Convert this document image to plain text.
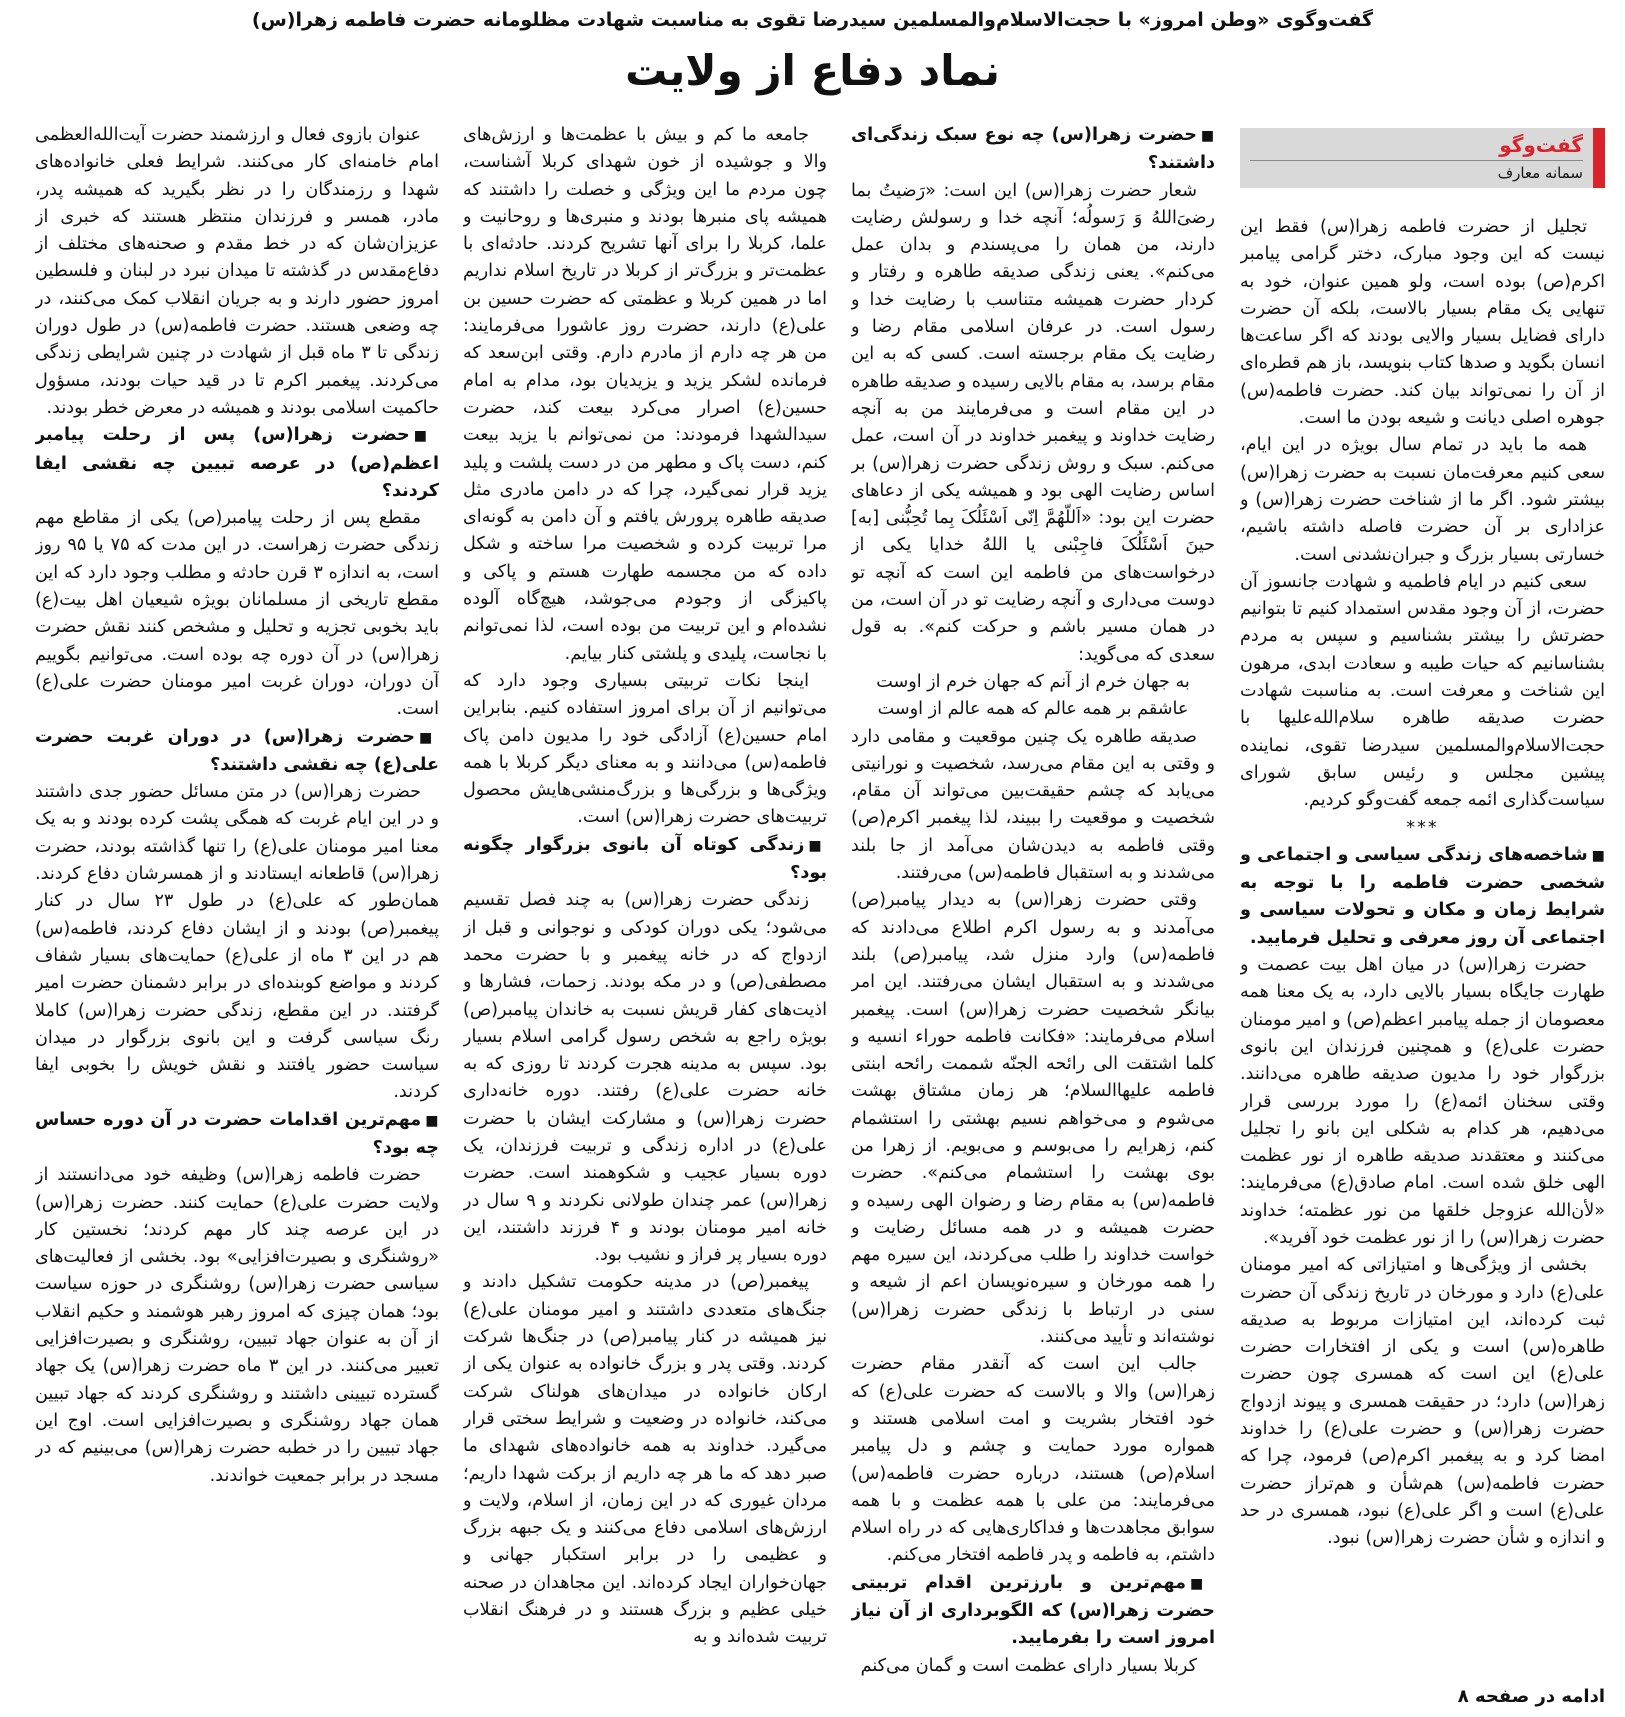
گفت‌وگوی «وطن امروز» با حجت‌الاسلام‌والمسلمین سیدرضا تقوی به مناسبت شهادت مظلومانه حضرت فاطمه زهرا(س)
نماد دفاع از ولایت
گفت‌وگو
سمانه معارف

تجلیل از حضرت فاطمه زهرا(س) فقط این نیست که این وجود مبارک، دختر گرامی پیامبر اکرم(ص) بوده است، ولو همین عنوان، خود به تنهایی یک مقام بسیار بالاست، بلکه آن حضرت دارای فضایل بسیار والایی بودند که اگر ساعت‌ها انسان بگوید و صدها کتاب بنویسد، باز هم قطره‌ای از آن را نمی‌تواند بیان کند. حضرت فاطمه(س) جوهره اصلی دیانت و شیعه بودن ما است.

همه ما باید در تمام سال بویژه در این ایام، سعی کنیم معرفت‌مان نسبت به حضرت زهرا(س) بیشتر شود. اگر ما از شناخت حضرت زهرا(س) و عزاداری بر آن حضرت فاصله داشته باشیم، خسارتی بسیار بزرگ و جبران‌نشدنی است.

سعی کنیم در ایام فاطمیه و شهادت جانسوز آن حضرت، از آن وجود مقدس استمداد کنیم تا بتوانیم حضرتش را بیشتر بشناسیم و سپس به مردم بشناسانیم که حیات طیبه و سعادت ابدی، مرهون این شناخت و معرفت است. به مناسبت شهادت حضرت صدیقه طاهره سلام‌الله‌علیها با حجت‌الاسلام‌والمسلمین سیدرضا تقوی، نماینده پیشین مجلس و رئیس سابق شورای سیاست‌گذاری ائمه جمعه گفت‌وگو کردیم.

***

■شاخصه‌های زندگی سیاسی و اجتماعی و شخصی حضرت فاطمه را با توجه به شرایط زمان و مکان و تحولات سیاسی و اجتماعی آن روز معرفی و تحلیل فرمایید.

حضرت زهرا(س) در میان اهل بیت عصمت و طهارت جایگاه بسیار بالایی دارد، به یک معنا همه معصومان از جمله پیامبر اعظم(ص) و امیر مومنان حضرت علی(ع) و همچنین فرزندان این بانوی بزرگوار خود را مدیون صدیقه طاهره می‌دانند. وقتی سخنان ائمه(ع) را مورد بررسی قرار می‌دهیم، هر کدام به شکلی این بانو را تجلیل می‌کنند و معتقدند صدیقه طاهره از نور عظمت الهی خلق شده است. امام صادق(ع) می‌فرمایند: «لأن‌الله عزوجل خلقها من نور عظمته؛ خداوند حضرت زهرا(س) را از نور عظمت خود آفرید».

بخشی از ویژگی‌ها و امتیازاتی که امیر مومنان علی(ع) دارد و مورخان در تاریخ زندگی آن حضرت ثبت کرده‌اند، این امتیازات مربوط به صدیقه طاهره(س) است و یکی از افتخارات حضرت علی(ع) این است که همسری چون حضرت زهرا(س) دارد؛ در حقیقت همسری و پیوند ازدواج حضرت زهرا(س) و حضرت علی(ع) را خداوند امضا کرد و به پیغمبر اکرم(ص) فرمود، چرا که حضرت فاطمه(س) هم‌شأن و هم‌تراز حضرت علی(ع) است و اگر علی(ع) نبود، همسری در حد و اندازه و شأن حضرت زهرا(س) نبود.

■حضرت زهرا(س) چه نوع سبک زندگی‌ای داشتند؟

شعار حضرت زهرا(س) این است: «رَضیتُ بما رضیَ‌اللهُ وَ رَسولُه؛ آنچه خدا و رسولش رضایت دارند، من همان را می‌پسندم و بدان عمل می‌کنم». یعنی زندگی صدیقه طاهره و رفتار و کردار حضرت همیشه متناسب با رضایت خدا و رسول است. در عرفان اسلامی مقام رضا و رضایت یک مقام برجسته است. کسی که به این مقام برسد، به مقام بالایی رسیده و صدیقه طاهره در این مقام است و می‌فرمایند من به آنچه رضایت خداوند و پیغمبر خداوند در آن است، عمل می‌کنم. سبک و روش زندگی حضرت زهرا(س) بر اساس رضایت الهی بود و همیشه یکی از دعاهای حضرت این بود: «اَللّهُمَّ اِنّی اَسْئَلُکَ بِما تُحِبُّنی [به] حینَ اَسْئَلُکَ فاجِبْنی یا اللهُ خدایا یکی از درخواست‌های من فاطمه این است که آنچه تو دوست می‌داری و آنچه رضایت تو در آن است، من در همان مسیر باشم و حرکت کنم». به قول سعدی که می‌گوید:

به جهان خرم از آنم که جهان خرم از اوست

عاشقم بر همه عالم که همه عالم از اوست

صدیقه طاهره یک چنین موقعیت و مقامی دارد و وقتی به این مقام می‌رسد، شخصیت و نورانیتی می‌یابد که چشم حقیقت‌بین می‌تواند آن مقام، شخصیت و موقعیت را ببیند، لذا پیغمبر اکرم(ص) وقتی فاطمه به دیدن‌شان می‌آمد از جا بلند می‌شدند و به استقبال فاطمه(س) می‌رفتند.

وقتی حضرت زهرا(س) به دیدار پیامبر(ص) می‌آمدند و به رسول اکرم اطلاع می‌دادند که فاطمه(س) وارد منزل شد، پیامبر(ص) بلند می‌شدند و به استقبال ایشان می‌رفتند. این امر بیانگر شخصیت حضرت زهرا(س) است. پیغمبر اسلام می‌فرمایند: «فکانت فاطمه حوراء انسیه و کلما اشتقت الی رائحه الجنّه شممت رائحه ابنتی فاطمه علیهاالسلام؛ هر زمان مشتاق بهشت می‌شوم و می‌خواهم نسیم بهشتی را استشمام کنم، زهرایم را می‌بوسم و می‌بویم. از زهرا من بوی بهشت را استشمام می‌کنم». حضرت فاطمه(س) به مقام رضا و رضوان الهی رسیده و حضرت همیشه و در همه مسائل رضایت و خواست خداوند را طلب می‌کردند، این سیره مهم را همه مورخان و سیره‌نویسان اعم از شیعه و سنی در ارتباط با زندگی حضرت زهرا(س) نوشته‌اند و تأیید می‌کنند.

جالب این است که آنقدر مقام حضرت زهرا(س) والا و بالاست که حضرت علی(ع) که خود افتخار بشریت و امت اسلامی هستند و همواره مورد حمایت و چشم و دل پیامبر اسلام(ص) هستند، درباره حضرت فاطمه(س) می‌فرمایند: من علی با همه عظمت و با همه سوابق مجاهدت‌ها و فداکاری‌هایی که در راه اسلام داشتم، به فاطمه و پدر فاطمه افتخار می‌کنم.

■مهم‌ترین و بارزترین اقدام تربیتی حضرت زهرا(س) که الگوبرداری از آن نیاز امروز است را بفرمایید.

کربلا بسیار دارای عظمت است و گمان می‌کنم

جامعه ما کم و بیش با عظمت‌ها و ارزش‌های والا و جوشیده از خون شهدای کربلا آشناست، چون مردم ما این ویژگی و خصلت را داشتند که همیشه پای منبرها بودند و منبری‌ها و روحانیت و علما، کربلا را برای آنها تشریح کردند. حادثه‌ای با عظمت‌تر و بزرگ‌تر از کربلا در تاریخ اسلام نداریم اما در همین کربلا و عظمتی که حضرت حسین بن علی(ع) دارند، حضرت روز عاشورا می‌فرمایند: من هر چه دارم از مادرم دارم. وقتی ابن‌سعد که فرمانده لشکر یزید و یزیدیان بود، مدام به امام حسین(ع) اصرار می‌کرد بیعت کند، حضرت سیدالشهدا فرمودند: من نمی‌توانم با یزید بیعت کنم، دست پاک و مطهر من در دست پلشت و پلید یزید قرار نمی‌گیرد، چرا که در دامن مادری مثل صدیقه طاهره پرورش یافتم و آن دامن به گونه‌ای مرا تربیت کرده و شخصیت مرا ساخته و شکل داده که من مجسمه طهارت هستم و پاکی و پاکیزگی از وجودم می‌جوشد، هیچ‌گاه آلوده نشده‌ام و این تربیت من بوده است، لذا نمی‌توانم با نجاست، پلیدی و پلشتی کنار بیایم.

اینجا نکات تربیتی بسیاری وجود دارد که می‌توانیم از آن برای امروز استفاده کنیم. بنابراین امام حسین(ع) آزادگی خود را مدیون دامن پاک فاطمه(س) می‌دانند و به معنای دیگر کربلا با همه ویژگی‌ها و بزرگی‌ها و بزرگ‌منشی‌هایش محصول تربیت‌های حضرت زهرا(س) است.

■زندگی کوتاه آن بانوی بزرگوار چگونه بود؟

زندگی حضرت زهرا(س) به چند فصل تقسیم می‌شود؛ یکی دوران کودکی و نوجوانی و قبل از ازدواج که در خانه پیغمبر و با حضرت محمد مصطفی(ص) و در مکه بودند. زحمات، فشارها و اذیت‌های کفار قریش نسبت به خاندان پیامبر(ص) بویژه راجع به شخص رسول گرامی اسلام بسیار بود. سپس به مدینه هجرت کردند تا روزی که به خانه حضرت علی(ع) رفتند. دوره خانه‌داری حضرت زهرا(س) و مشارکت ایشان با حضرت علی(ع) در اداره زندگی و تربیت فرزندان، یک دوره بسیار عجیب و شکوهمند است. حضرت زهرا(س) عمر چندان طولانی نکردند و ۹ سال در خانه امیر مومنان بودند و ۴ فرزند داشتند، این دوره بسیار پر فراز و نشیب بود.

پیغمبر(ص) در مدینه حکومت تشکیل دادند و جنگ‌های متعددی داشتند و امیر مومنان علی(ع) نیز همیشه در کنار پیامبر(ص) در جنگ‌ها شرکت کردند. وقتی پدر و بزرگ خانواده به عنوان یکی از ارکان خانواده در میدان‌های هولناک شرکت می‌کند، خانواده در وضعیت و شرایط سختی قرار می‌گیرد. خداوند به همه خانواده‌های شهدای ما صبر دهد که ما هر چه داریم از برکت شهدا داریم؛ مردان غیوری که در این زمان، از اسلام، ولایت و ارزش‌های اسلامی دفاع می‌کنند و یک جبهه بزرگ و عظیمی را در برابر استکبار جهانی و جهان‌خواران ایجاد کرده‌اند. این مجاهدان در صحنه خیلی عظیم و بزرگ هستند و در فرهنگ انقلاب تربیت شده‌اند و به

عنوان بازوی فعال و ارزشمند حضرت آیت‌الله‌العظمی امام خامنه‌ای کار می‌کنند. شرایط فعلی خانواده‌های شهدا و رزمندگان را در نظر بگیرید که همیشه پدر، مادر، همسر و فرزندان منتظر هستند که خبری از عزیزان‌شان که در خط مقدم و صحنه‌های مختلف از دفاع‌مقدس در گذشته تا میدان نبرد در لبنان و فلسطین امروز حضور دارند و به جریان انقلاب کمک می‌کنند، در چه وضعی هستند. حضرت فاطمه(س) در طول دوران زندگی تا ۳ ماه قبل از شهادت در چنین شرایطی زندگی می‌کردند. پیغمبر اکرم تا در قید حیات بودند، مسؤول حاکمیت اسلامی بودند و همیشه در معرض خطر بودند.

■حضرت زهرا(س) پس از رحلت پیامبر اعظم(ص) در عرصه تبیین چه نقشی ایفا کردند؟

مقطع پس از رحلت پیامبر(ص) یکی از مقاطع مهم زندگی حضرت زهراست. در این مدت که ۷۵ یا ۹۵ روز است، به اندازه ۳ قرن حادثه و مطلب وجود دارد که این مقطع تاریخی از مسلمانان بویژه شیعیان اهل بیت(ع) باید بخوبی تجزیه و تحلیل و مشخص کنند نقش حضرت زهرا(س) در آن دوره چه بوده است. می‌توانیم بگوییم آن دوران، دوران غربت امیر مومنان حضرت علی(ع) است.

■حضرت زهرا(س) در دوران غربت حضرت علی(ع) چه نقشی داشتند؟

حضرت زهرا(س) در متن مسائل حضور جدی داشتند و در این ایام غربت که همگی پشت کرده بودند و به یک معنا امیر مومنان علی(ع) را تنها گذاشته بودند، حضرت زهرا(س) قاطعانه ایستادند و از همسرشان دفاع کردند. همان‌طور که علی(ع) در طول ۲۳ سال در کنار پیغمبر(ص) بودند و از ایشان دفاع کردند، فاطمه(س) هم در این ۳ ماه از علی(ع) حمایت‌های بسیار شفاف کردند و مواضع کوبنده‌ای در برابر دشمنان حضرت امیر گرفتند. در این مقطع، زندگی حضرت زهرا(س) کاملا رنگ سیاسی گرفت و این بانوی بزرگوار در میدان سیاست حضور یافتند و نقش خویش را بخوبی ایفا کردند.

■مهم‌ترین اقدامات حضرت در آن دوره حساس چه بود؟

حضرت فاطمه زهرا(س) وظیفه خود می‌دانستند از ولایت حضرت علی(ع) حمایت کنند. حضرت زهرا(س) در این عرصه چند کار مهم کردند؛ نخستین کار «روشنگری و بصیرت‌افزایی» بود. بخشی از فعالیت‌های سیاسی حضرت زهرا(س) روشنگری در حوزه سیاست بود؛ همان چیزی که امروز رهبر هوشمند و حکیم انقلاب از آن به عنوان جهاد تبیین، روشنگری و بصیرت‌افزایی تعبیر می‌کنند. در این ۳ ماه حضرت زهرا(س) یک جهاد گسترده تبیینی داشتند و روشنگری کردند که جهاد تبیین همان جهاد روشنگری و بصیرت‌افزایی است. اوج این جهاد تبیین را در خطبه حضرت زهرا(س) می‌بینیم که در مسجد در برابر جمعیت خواندند.

ادامه در صفحه ۸
